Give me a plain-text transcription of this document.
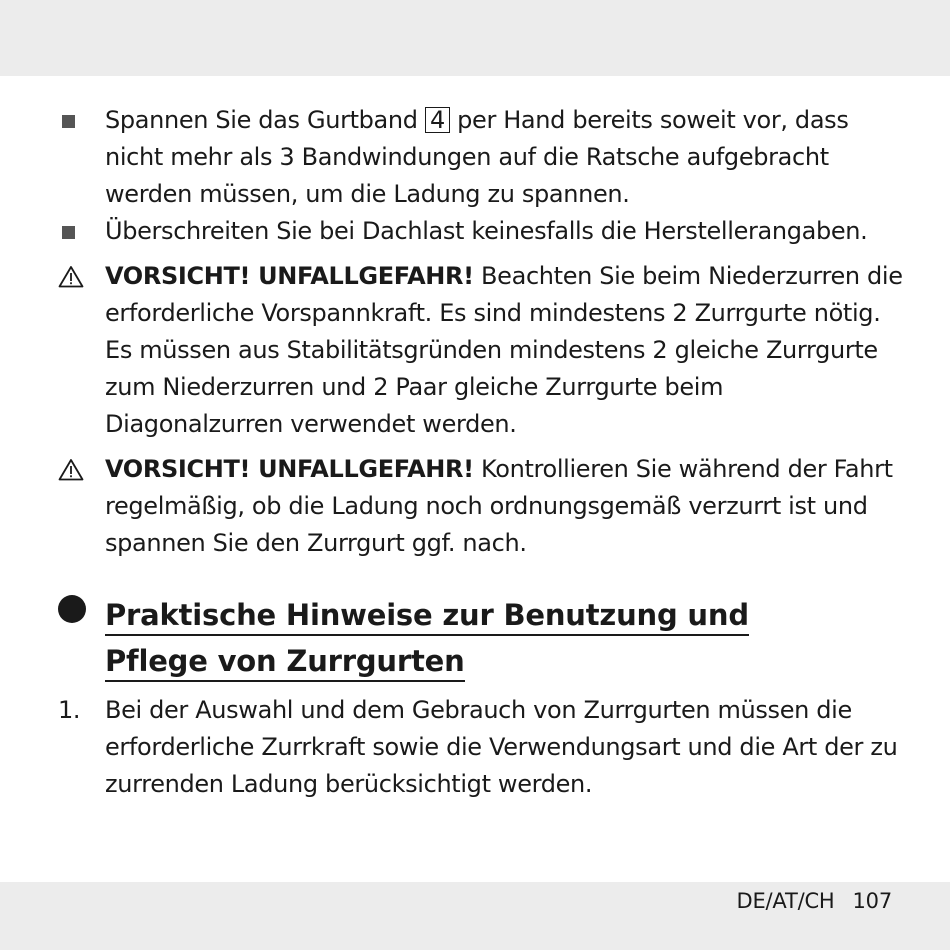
Spannen Sie das Gurtband 4 per Hand bereits soweit vor, dass nicht mehr als 3 Bandwindungen auf die Ratsche aufgebracht werden müssen, um die Ladung zu spannen.
Überschreiten Sie bei Dachlast keinesfalls die Herstellerangaben.
VORSICHT! UNFALLGEFAHR! Beachten Sie beim Niederzurren die erforderliche Vorspannkraft. Es sind mindestens 2 Zurrgurte nötig. Es müssen aus Stabilitätsgründen mindestens 2 gleiche Zurrgurte zum Niederzurren und 2 Paar gleiche Zurrgurte beim Diagonalzurren verwendet werden.
VORSICHT! UNFALLGEFAHR! Kontrollieren Sie während der Fahrt regelmäßig, ob die Ladung noch ordnungsgemäß verzurrt ist und spannen Sie den Zurrgurt ggf. nach.
Praktische Hinweise zur Benutzung und
Pflege von Zurrgurten
1. Bei der Auswahl und dem Gebrauch von Zurrgurten müssen die erforderliche Zurrkraft sowie die Verwendungsart und die Art der zu zurrenden Ladung berücksichtigt werden.
DE/AT/CH 107
